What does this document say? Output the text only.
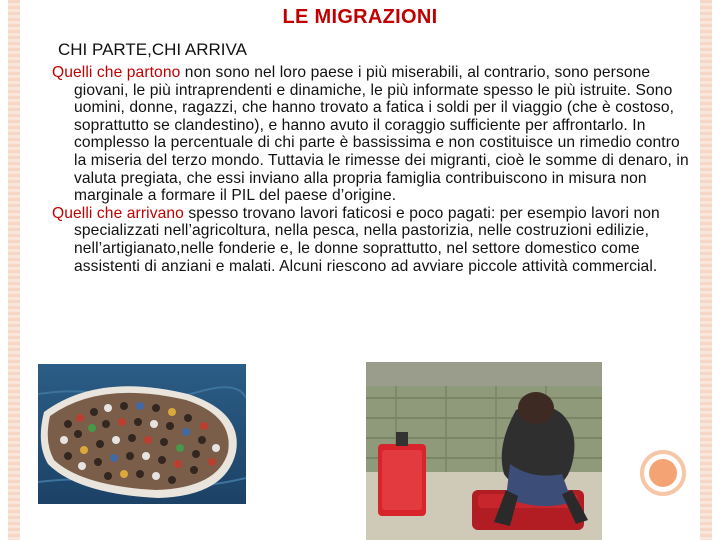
LE MIGRAZIONI
CHI PARTE,CHI ARRIVA

Quelli che partono non sono nel loro paese i più miserabili, al contrario, sono persone giovani, le più intraprendenti e dinamiche, le più informate spesso le più istruite. Sono uomini, donne, ragazzi, che hanno trovato a fatica i soldi per il viaggio (che è costoso, soprattutto se clandestino), e hanno avuto il coraggio sufficiente per affrontarlo. In complesso la percentuale di chi parte è bassissima e non costituisce un rimedio contro la miseria del terzo mondo. Tuttavia le rimesse dei migranti, cioè le somme di denaro, in valuta pregiata, che essi inviano alla propria famiglia contribuiscono in misura non marginale a formare il PIL del paese d’origine.

Quelli che arrivano spesso trovano lavori faticosi e poco pagati: per esempio lavori non specializzati nell’agricoltura, nella pesca, nella pastorizia, nelle costruzioni edilizie, nell’artigianato,nelle fonderie e, le donne soprattutto, nel settore domestico come assistenti di anziani e malati. Alcuni riescono ad avviare piccole attività commercial.
